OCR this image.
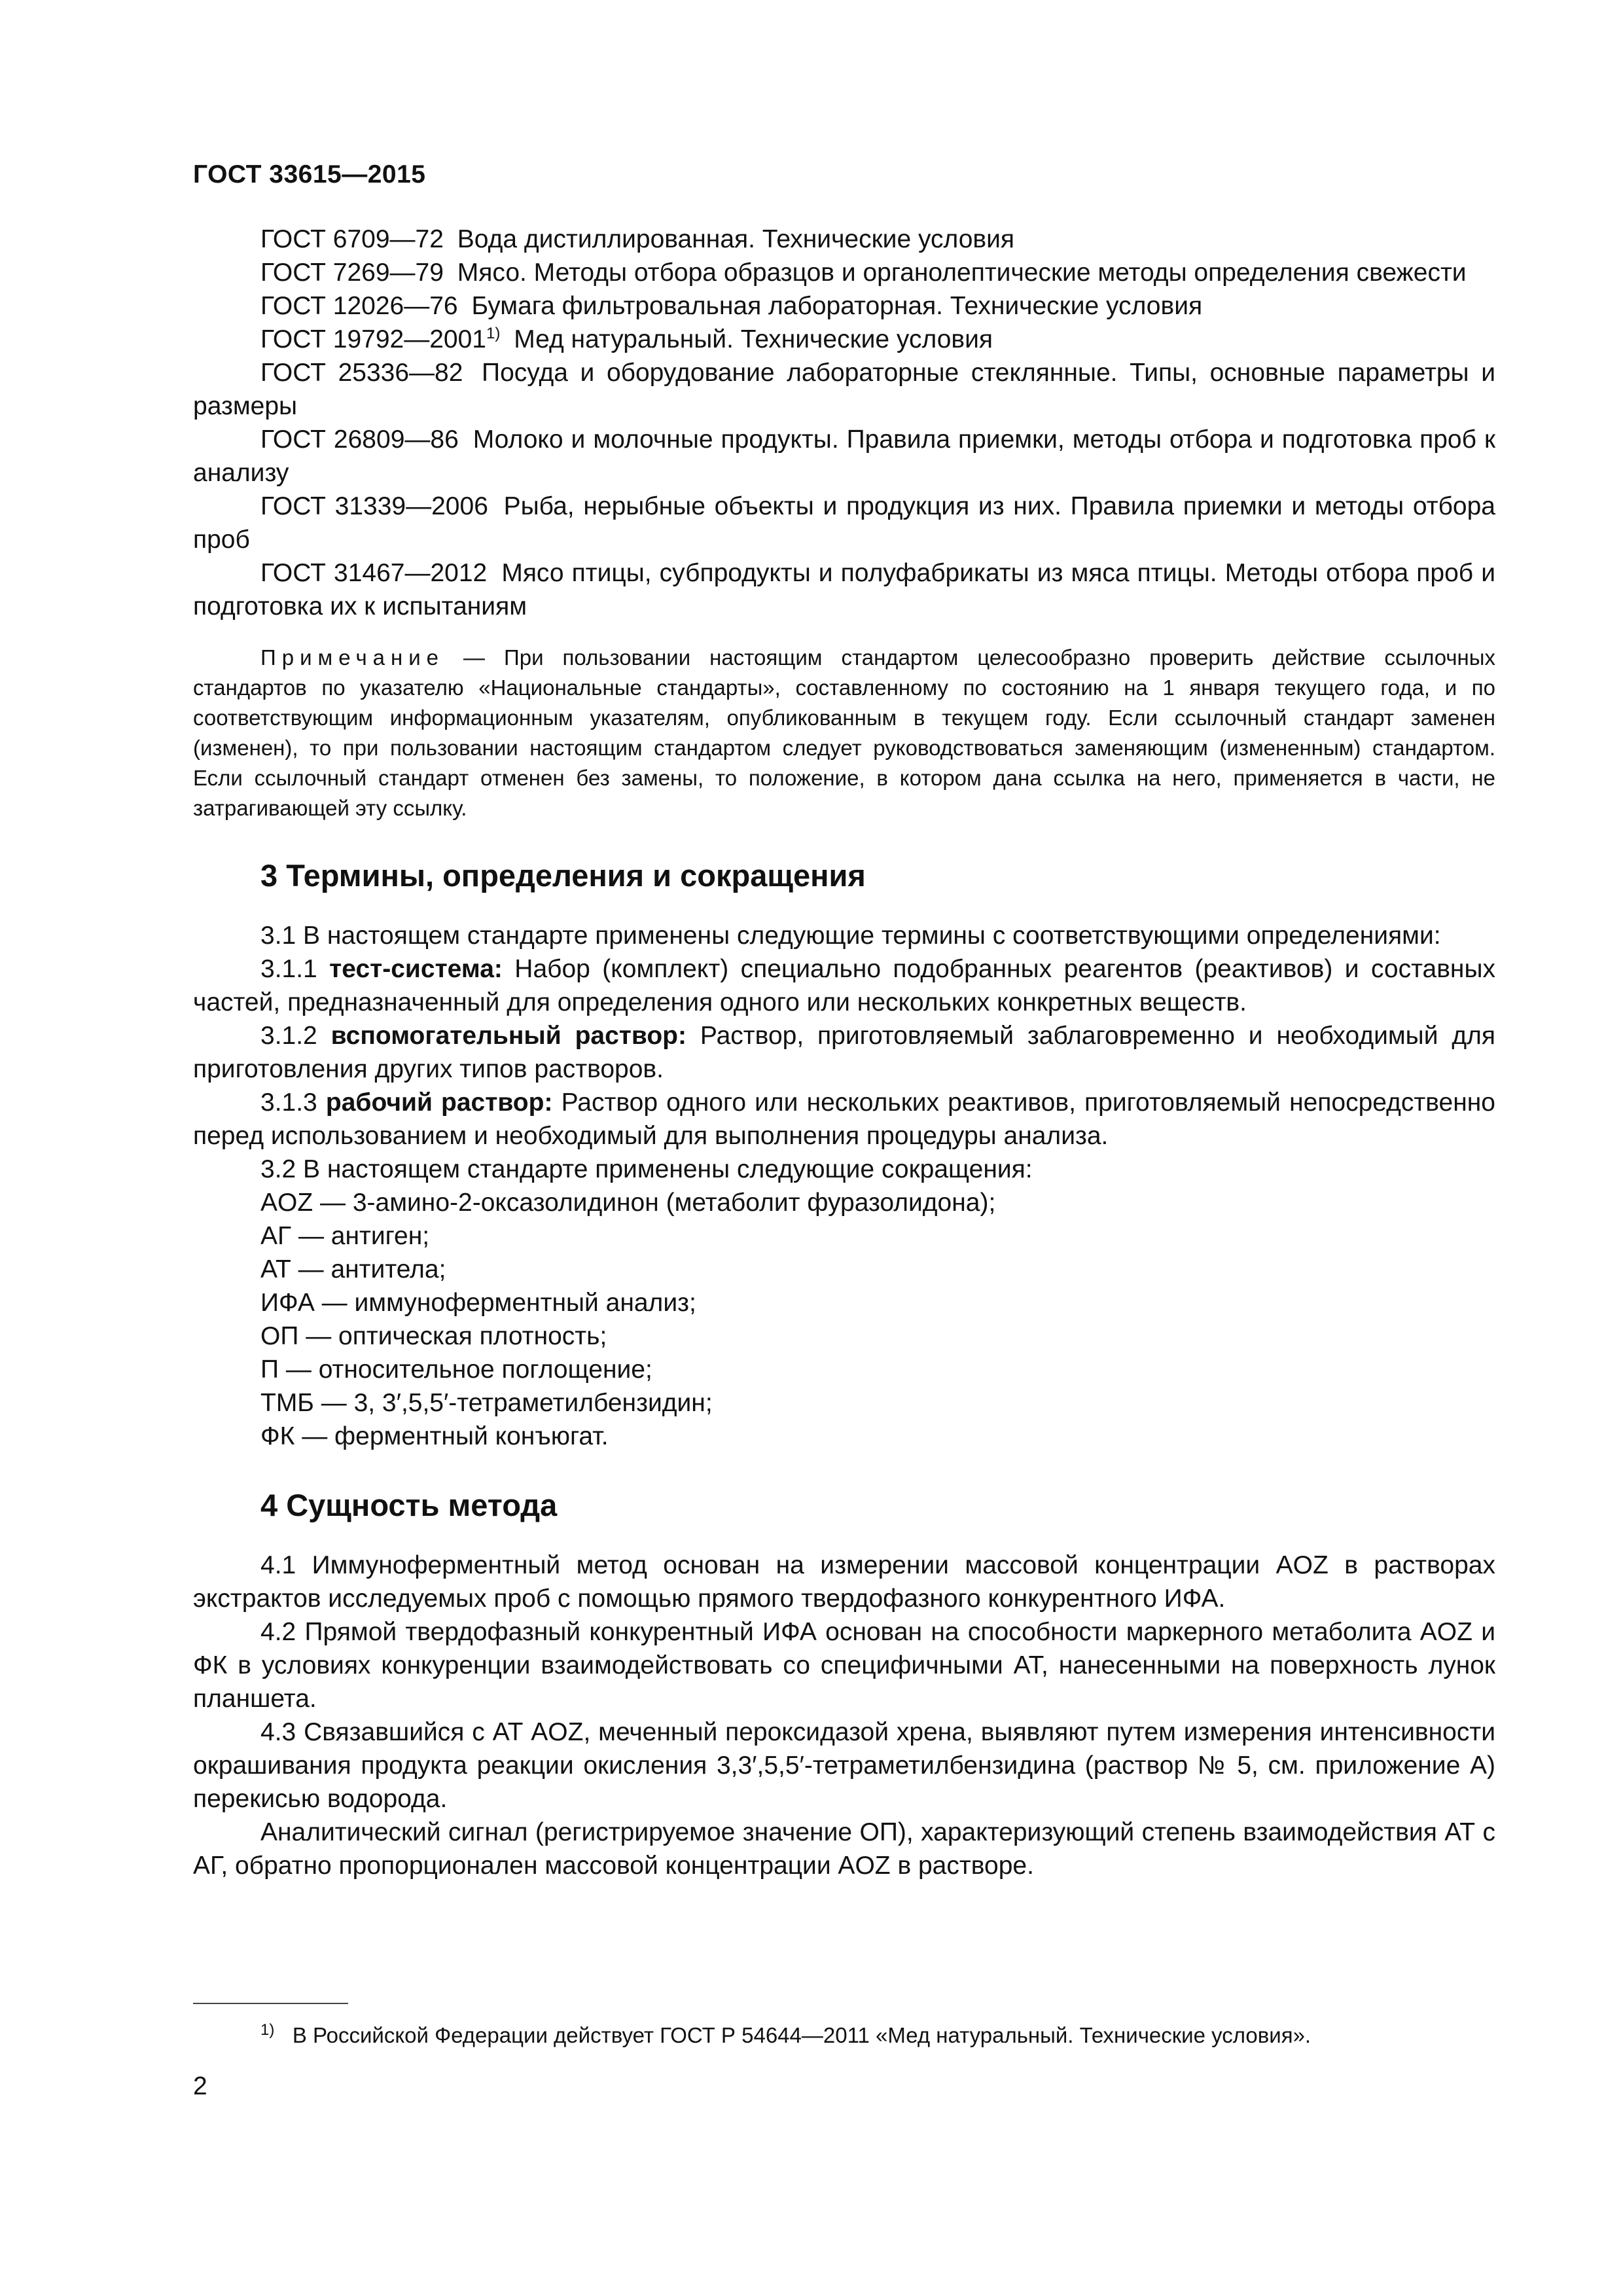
ГОСТ 33615—2015

ГОСТ 6709—72 Вода дистиллированная. Технические условия

ГОСТ 7269—79 Мясо. Методы отбора образцов и органолептические методы определения свежести

ГОСТ 12026—76 Бумага фильтровальная лабораторная. Технические условия

ГОСТ 19792—2001$^{1)}$ Мед натуральный. Технические условия

ГОСТ 25336—82 Посуда и оборудование лабораторные стеклянные. Типы, основные параметры и размеры

ГОСТ 26809—86 Молоко и молочные продукты. Правила приемки, методы отбора и подготовка проб к анализу

ГОСТ 31339—2006 Рыба, нерыбные объекты и продукция из них. Правила приемки и методы отбора проб

ГОСТ 31467—2012 Мясо птицы, субпродукты и полуфабрикаты из мяса птицы. Методы отбора проб и подготовка их к испытаниям

Примечание — При пользовании настоящим стандартом целесообразно проверить действие ссылочных стандартов по указателю «Национальные стандарты», составленному по состоянию на 1 января текущего года, и по соответствующим информационным указателям, опубликованным в текущем году. Если ссылочный стандарт заменен (изменен), то при пользовании настоящим стандартом следует руководствоваться заменяющим (измененным) стандартом. Если ссылочный стандарт отменен без замены, то положение, в котором дана ссылка на него, применяется в части, не затрагивающей эту ссылку.

3 Термины, определения и сокращения

3.1 В настоящем стандарте применены следующие термины с соответствующими определениями:

3.1.1 тест-система: Набор (комплект) специально подобранных реагентов (реактивов) и составных частей, предназначенный для определения одного или нескольких конкретных веществ.

3.1.2 вспомогательный раствор: Раствор, приготовляемый заблаговременно и необходимый для приготовления других типов растворов.

3.1.3 рабочий раствор: Раствор одного или нескольких реактивов, приготовляемый непосредственно перед использованием и необходимый для выполнения процедуры анализа.

3.2 В настоящем стандарте применены следующие сокращения:

AOZ — 3-амино-2-оксазолидинон (метаболит фуразолидона);

АГ — антиген;

АТ — антитела;

ИФА — иммуноферментный анализ;

ОП — оптическая плотность;

П — относительное поглощение;

ТМБ — 3, 3′,5,5′-тетраметилбензидин;

ФК — ферментный конъюгат.

4 Сущность метода

4.1 Иммуноферментный метод основан на измерении массовой концентрации AOZ в растворах экстрактов исследуемых проб с помощью прямого твердофазного конкурентного ИФА.

4.2 Прямой твердофазный конкурентный ИФА основан на способности маркерного метаболита AOZ и ФК в условиях конкуренции взаимодействовать со специфичными АТ, нанесенными на поверхность лунок планшета.

4.3 Связавшийся с АТ AOZ, меченный пероксидазой хрена, выявляют путем измерения интенсивности окрашивания продукта реакции окисления 3,3′,5,5′-тетраметилбензидина (раствор № 5, см. приложение А) перекисью водорода.

Аналитический сигнал (регистрируемое значение ОП), характеризующий степень взаимодействия АТ с АГ, обратно пропорционален массовой концентрации AOZ в растворе.

$^{1)}$ В Российской Федерации действует ГОСТ Р 54644—2011 «Мед натуральный. Технические условия».
2
